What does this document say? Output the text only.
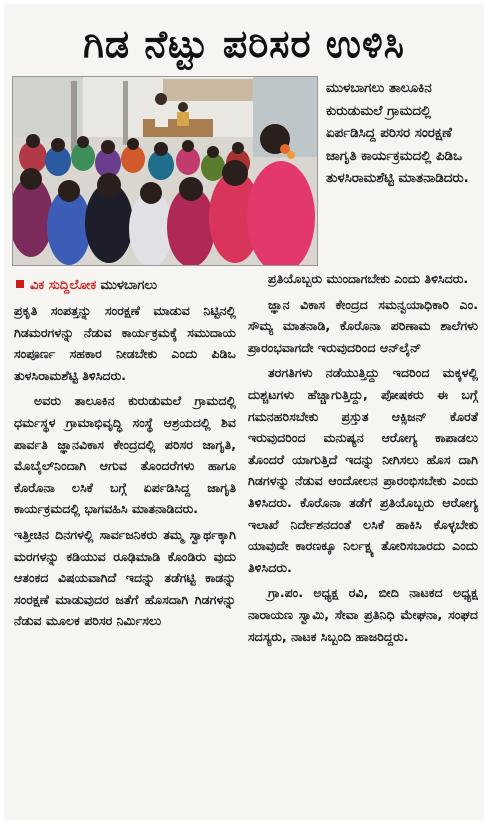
ಗಿಡ ನೆಟ್ಟು ಪರಿಸರ ಉಳಿಸಿ

ಮುಳಬಾಗಲು ತಾಲೂಕಿನ ಕುರುಡುಮಲೆ ಗ್ರಾಮದಲ್ಲಿ ಏರ್ಪಡಿಸಿದ್ದ ಪರಿಸರ ಸಂರಕ್ಷಣೆ ಜಾಗೃತಿ ಕಾರ್ಯಕ್ರಮದಲ್ಲಿ ಪಿಡಿಒ ತುಳಸಿರಾಮಶೆಟ್ಟಿ ಮಾತನಾಡಿದರು.

ವಿಕ ಸುದ್ದಿಲೋಕ ಮುಳಬಾಗಲು

ಪ್ರಕೃತಿ ಸಂಪತ್ತನ್ನು ಸಂರಕ್ಷಣೆ ಮಾಡುವ ನಿಟ್ಟಿನಲ್ಲಿ ಗಿಡಮರಗಳನ್ನು ನೆಡುವ ಕಾರ್ಯಕ್ರಮಕ್ಕೆ ಸಮುದಾಯ ಸಂಪೂರ್ಣ ಸಹಕಾರ ನೀಡಬೇಕು ಎಂದು ಪಿಡಿಒ ತುಳಸಿರಾಮಶೆಟ್ಟಿ ತಿಳಿಸಿದರು.

ಅವರು ತಾಲೂಕಿನ ಕುರುಡುಮಲೆ ಗ್ರಾಮದಲ್ಲಿ ಧರ್ಮಸ್ಥಳ ಗ್ರಾಮಾಭಿವೃದ್ಧಿ ಸಂಸ್ಥೆ ಆಶ್ರಯದಲ್ಲಿ ಶಿವ ಪಾರ್ವತಿ ಜ್ಞಾನವಿಕಾಸ ಕೇಂದ್ರದಲ್ಲಿ ಪರಿಸರ ಜಾಗೃತಿ, ಮೊಬೈಲ್‌ನಿಂದಾಗಿ ಆಗುವ ತೊಂದರೆಗಳು ಹಾಗೂ ಕೊರೊನಾ ಲಸಿಕೆ ಬಗ್ಗೆ ಏರ್ಪಡಿಸಿದ್ದ ಜಾಗೃತಿ ಕಾರ್ಯಕ್ರಮದಲ್ಲಿ ಭಾಗವಹಿಸಿ ಮಾತನಾಡಿದರು.

ಇತ್ತೀಚಿನ ದಿನಗಳಲ್ಲಿ ಸಾರ್ವಜನಿಕರು ತಮ್ಮ ಸ್ವಾರ್ಥಕ್ಕಾಗಿ ಮರಗಳನ್ನು ಕಡಿಯುವ ರೂಢಿಮಾಡಿ ಕೊಂಡಿರು ವುದು ಆತಂಕದ ವಿಷಯವಾಗಿದೆ ಇದನ್ನು ತಡೆಗಟ್ಟಿ ಕಾಡನ್ನು ಸಂರಕ್ಷಣೆ ಮಾಡುವುದರ ಜತೆಗೆ ಹೊಸದಾಗಿ ಗಿಡಗಳನ್ನು ನೆಡುವ ಮೂಲಕ ಪರಿಸರ ನಿರ್ಮಿಸಲು

ಪ್ರತಿಯೊಬ್ಬರು ಮುಂದಾಗಬೇಕು ಎಂದು ತಿಳಿಸಿದರು.

ಜ್ಞಾನ ವಿಕಾಸ ಕೇಂದ್ರದ ಸಮನ್ವಯಾಧಿಕಾರಿ ಎಂ. ಸೌಮ್ಯ ಮಾತನಾಡಿ, ಕೊರೊನಾ ಪರಿಣಾಮ ಶಾಲೆಗಳು ಪ್ರಾರಂಭವಾಗದೇ ಇರುವುದರಿಂದ ಆನ್‌ಲೈನ್

ತರಗತಿಗಳು ನಡೆಯುತ್ತಿದ್ದು ಇದರಿಂದ ಮಕ್ಕಳಲ್ಲಿ ದುಶ್ಚಟಗಳು ಹೆಚ್ಚಾಗುತ್ತಿದ್ದು, ಪೋಷಕರು ಈ ಬಗ್ಗೆ ಗಮನಹರಿಸಬೇಕು ಪ್ರಸ್ತುತ ಆಕ್ಸಿಜನ್ ಕೊರತೆ ಇರುವುದರಿಂದ ಮನುಷ್ಯನ ಆರೋಗ್ಯ ಕಾಪಾಡಲು ತೊಂದರೆ ಯಾಗುತ್ತಿದೆ ಇದನ್ನು ನೀಗಿಸಲು ಹೊಸ ದಾಗಿ ಗಿಡಗಳನ್ನು ನೆಡುವ ಆಂದೋಲನ ಪ್ರಾರಂಭಿಸಬೇಕು ಎಂದು ತಿಳಿಸಿದರು. ಕೊರೊನಾ ತಡೆಗೆ ಪ್ರತಿಯೊಬ್ಬರು ಆರೋಗ್ಯ ಇಲಾಖೆ ನಿರ್ದೇಶನದಂತೆ ಲಸಿಕೆ ಹಾಕಿಸಿ ಕೊಳ್ಳಬೇಕು ಯಾವುದೇ ಕಾರಣಕ್ಕೂ ನಿರ್ಲಕ್ಷ್ಯ ತೋರಿಸಬಾರದು ಎಂದು ತಿಳಿಸಿದರು.

ಗ್ರಾ.ಪಂ. ಅಧ್ಯಕ್ಷ ರವಿ, ಬೀದಿ ನಾಟಕದ ಅಧ್ಯಕ್ಷ ನಾರಾಯಣ ಸ್ವಾಮಿ, ಸೇವಾ ಪ್ರತಿನಿಧಿ ಮೇಘನಾ, ಸಂಘದ ಸದಸ್ಯರು, ನಾಟಕ ಸಿಬ್ಬಂದಿ ಹಾಜರಿದ್ದರು.
